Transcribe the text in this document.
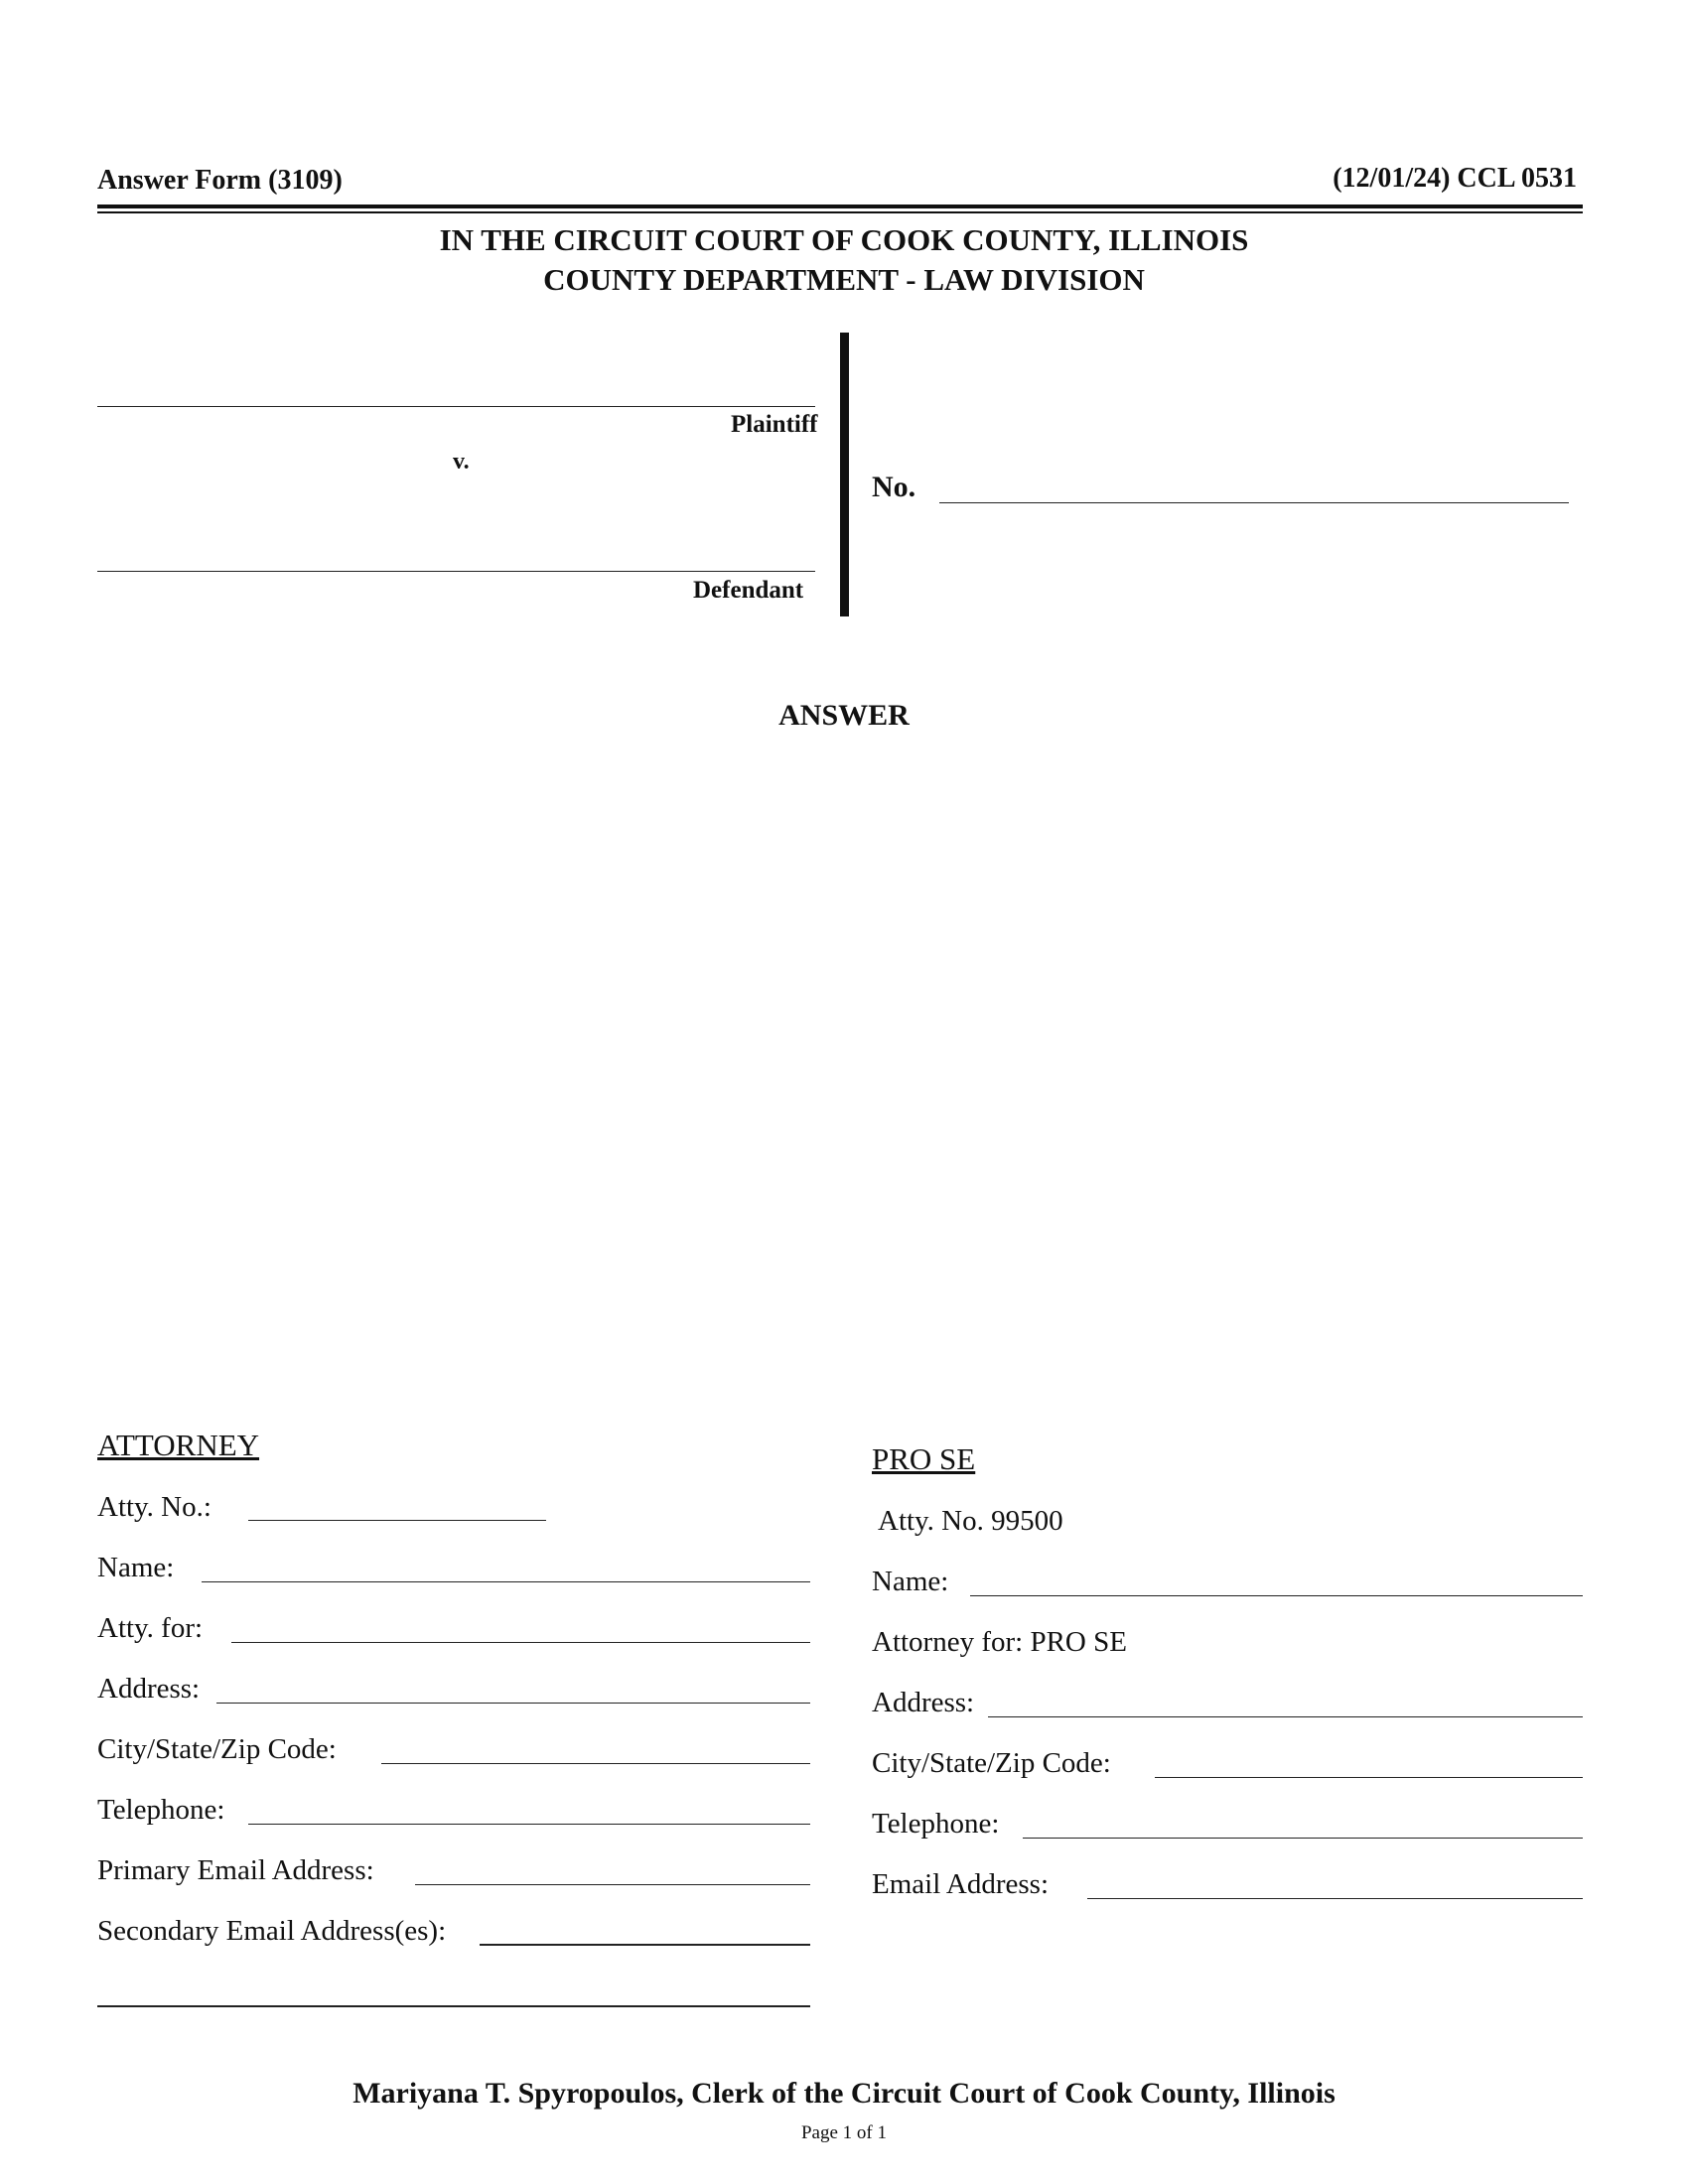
Answer Form (3109)	(12/01/24) CCL 0531
IN THE CIRCUIT COURT OF COOK COUNTY, ILLINOIS
COUNTY DEPARTMENT - LAW DIVISION
Plaintiff
v.
Defendant
No.
ANSWER
ATTORNEY
Atty. No.:
Name:
Atty. for:
Address:
City/State/Zip Code:
Telephone:
Primary Email Address:
Secondary Email Address(es):
PRO SE
Atty. No. 99500
Name:
Attorney for: PRO SE
Address:
City/State/Zip Code:
Telephone:
Email Address:
Mariyana T. Spyropoulos, Clerk of the Circuit Court of Cook County, Illinois
Page 1 of 1
